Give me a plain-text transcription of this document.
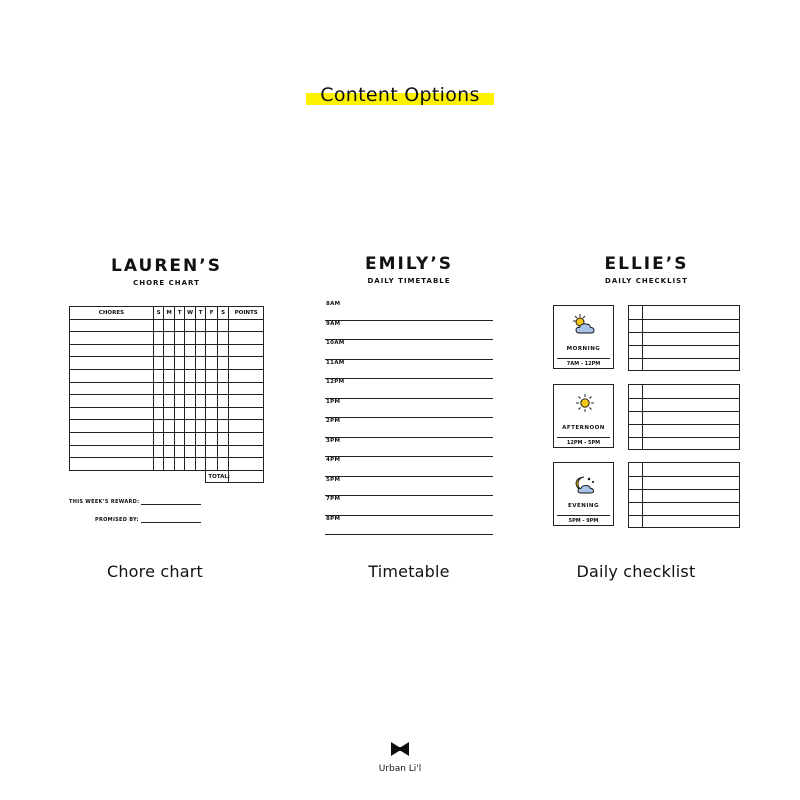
Content Options
LAUREN’S
CHORE CHART
CHORES	S	M	T	W	T	F	S	POINTS

						TOTAL:		
THIS WEEK’S REWARD:
PROMISED BY:
Chore chart
EMILY’S
DAILY TIMETABLE
8AM
9AM
10AM
11AM
12PM
1PM
2PM
3PM
4PM
5PM
7PM
8PM
Timetable
ELLIE’S
DAILY CHECKLIST
MORNING
7AM - 12PM
AFTERNOON
12PM - 5PM
EVENING
5PM - 9PM
Daily checklist
Urban Li'l
